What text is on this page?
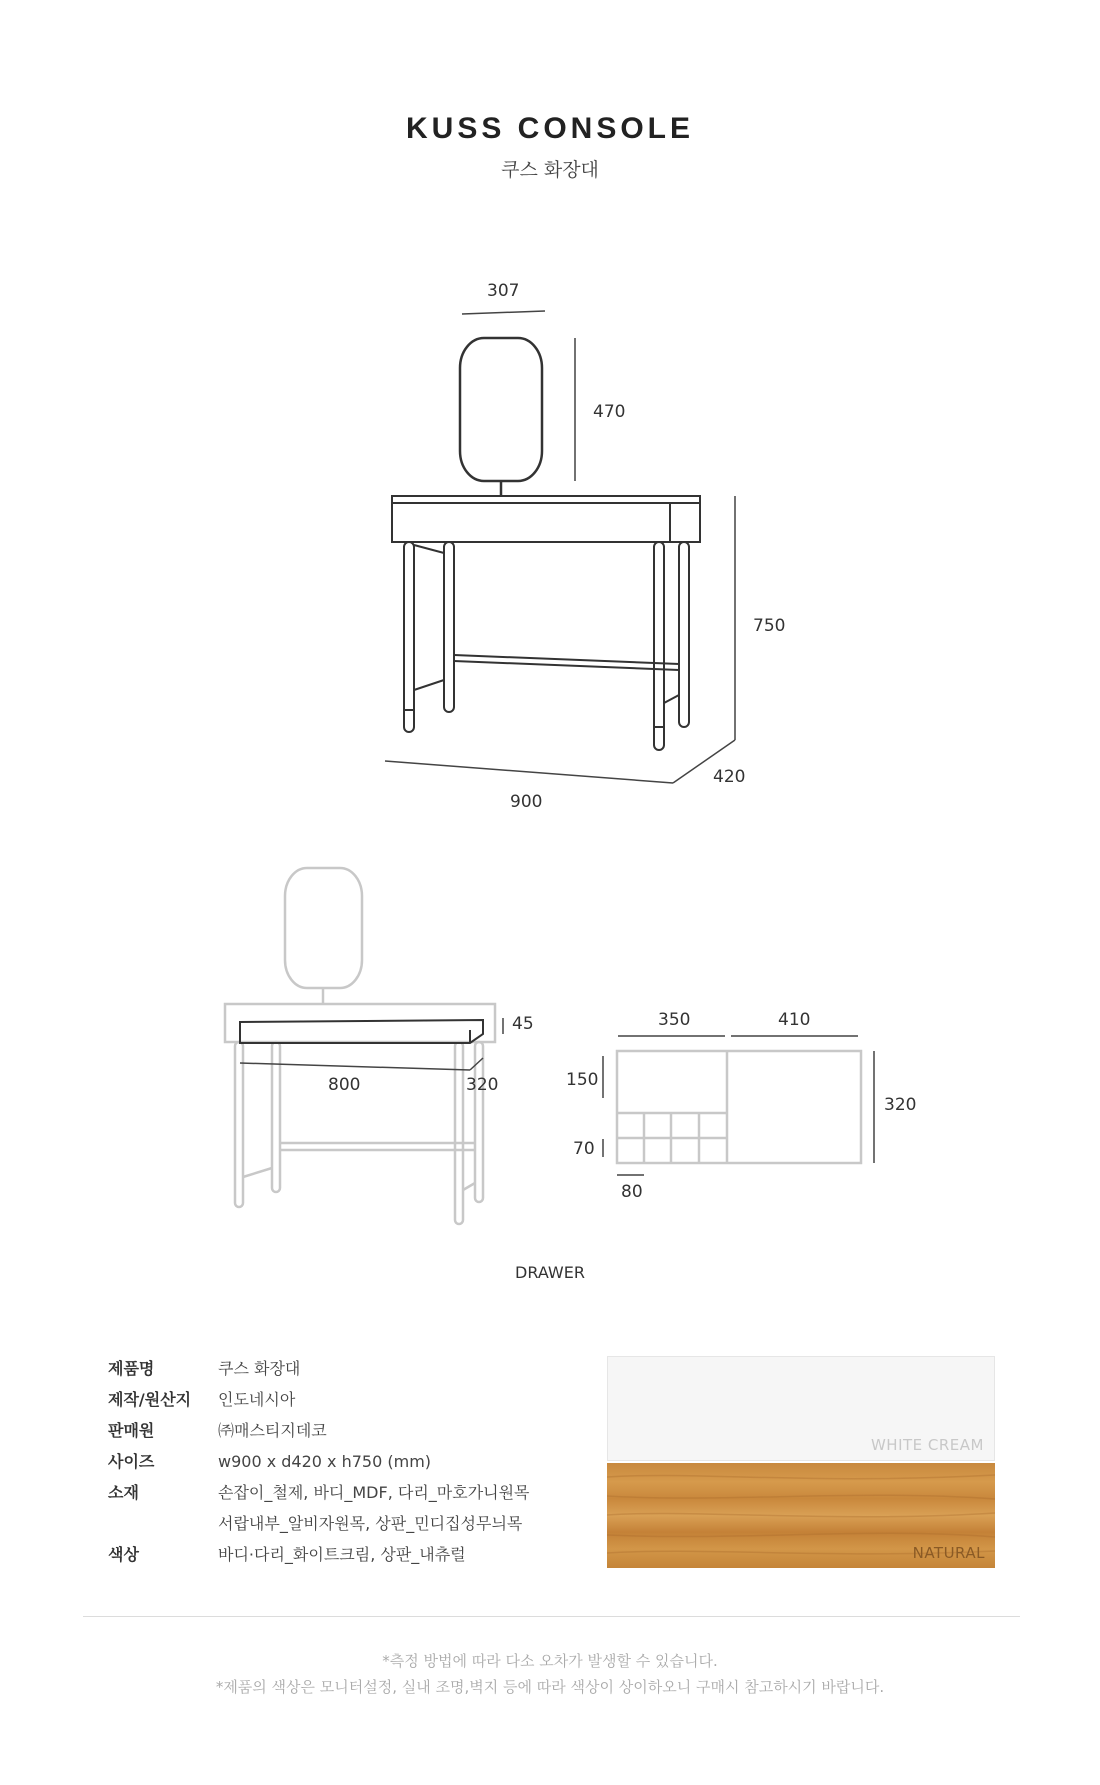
KUSS CONSOLE
쿠스 화장대
307
470
750
420
900
45
800	320
350	410
150
70
320
80
DRAWER
제품명	쿠스 화장대
제작/원산지	인도네시아
판매원	㈜매스티지데코
사이즈	w900 x d420 x h750 (mm)
소재	손잡이_철제, 바디_MDF, 다리_마호가니원목
서랍내부_알비자원목, 상판_민디집성무늬목
색상	바디·다리_화이트크림, 상판_내츄럴
WHITE CREAM
NATURAL
*측정 방법에 따라 다소 오차가 발생할 수 있습니다.
*제품의 색상은 모니터설정, 실내 조명,벽지 등에 따라 색상이 상이하오니 구매시 참고하시기 바랍니다.
